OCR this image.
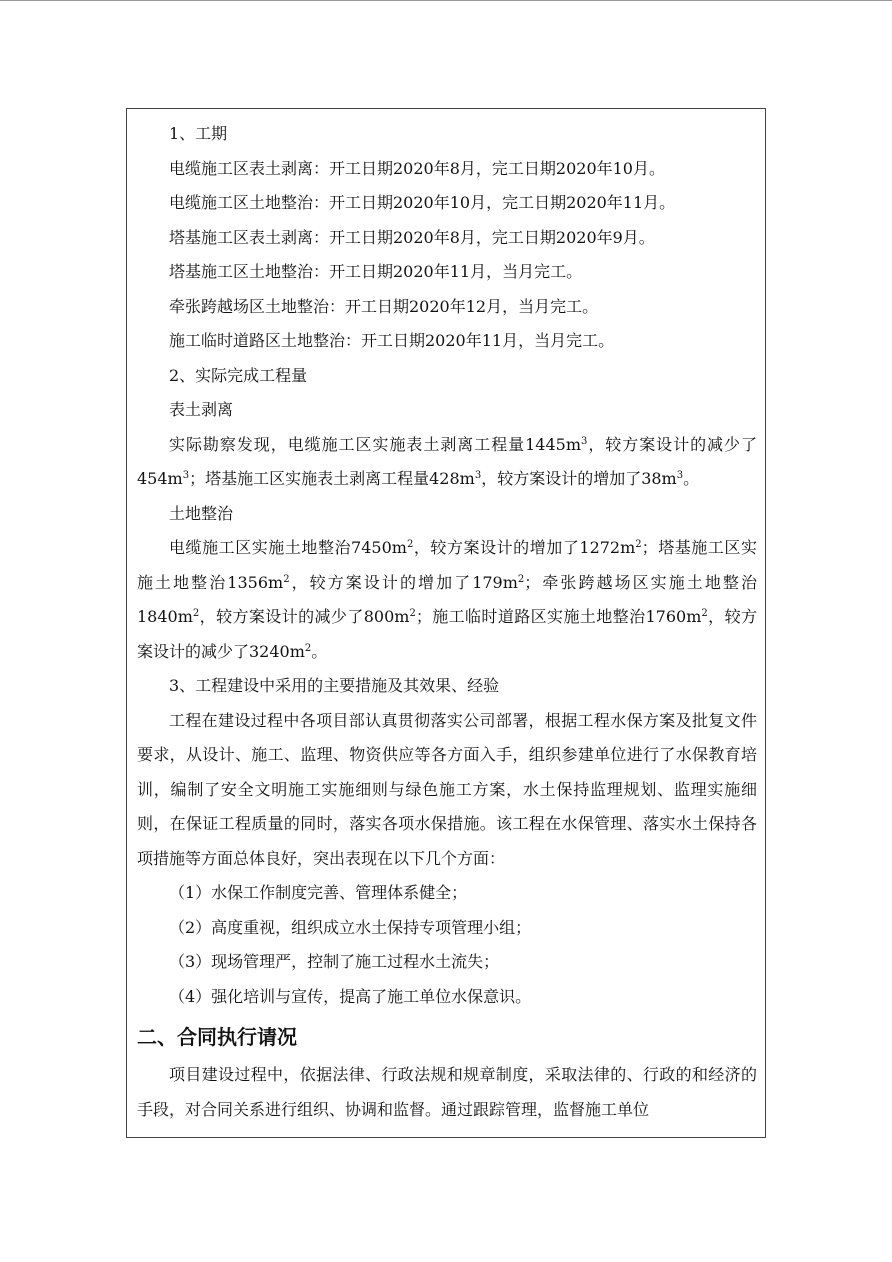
1、工期

电缆施工区表土剥离：开工日期2020年8月，完工日期2020年10月。

电缆施工区土地整治：开工日期2020年10月，完工日期2020年11月。

塔基施工区表土剥离：开工日期2020年8月，完工日期2020年9月。

塔基施工区土地整治：开工日期2020年11月，当月完工。

牵张跨越场区土地整治：开工日期2020年12月，当月完工。

施工临时道路区土地整治：开工日期2020年11月，当月完工。

2、实际完成工程量

表土剥离

实际勘察发现，电缆施工区实施表土剥离工程量$1445m^3$，较方案设计的减少了$454m^3$；塔基施工区实施表土剥离工程量$428m^3$，较方案设计的增加了$38m^3$。

土地整治

电缆施工区实施土地整治$7450m^2$，较方案设计的增加了$1272m^2$；塔基施工区实施土地整治$1356m^2$，较方案设计的增加了$179m^2$；牵张跨越场区实施土地整治$1840m^2$，较方案设计的减少了$800m^2$；施工临时道路区实施土地整治$1760m^2$，较方案设计的减少了$3240m^2$。

3、工程建设中采用的主要措施及其效果、经验

工程在建设过程中各项目部认真贯彻落实公司部署，根据工程水保方案及批复文件要求，从设计、施工、监理、物资供应等各方面入手，组织参建单位进行了水保教育培训，编制了安全文明施工实施细则与绿色施工方案，水土保持监理规划、监理实施细则，在保证工程质量的同时，落实各项水保措施。该工程在水保管理、落实水土保持各项措施等方面总体良好，突出表现在以下几个方面：

（1）水保工作制度完善、管理体系健全；

（2）高度重视，组织成立水土保持专项管理小组；

（3）现场管理严，控制了施工过程水土流失；

（4）强化培训与宣传，提高了施工单位水保意识。

二、合同执行请况

项目建设过程中，依据法律、行政法规和规章制度，采取法律的、行政的和经济的手段，对合同关系进行组织、协调和监督。通过跟踪管理，监督施工单位
